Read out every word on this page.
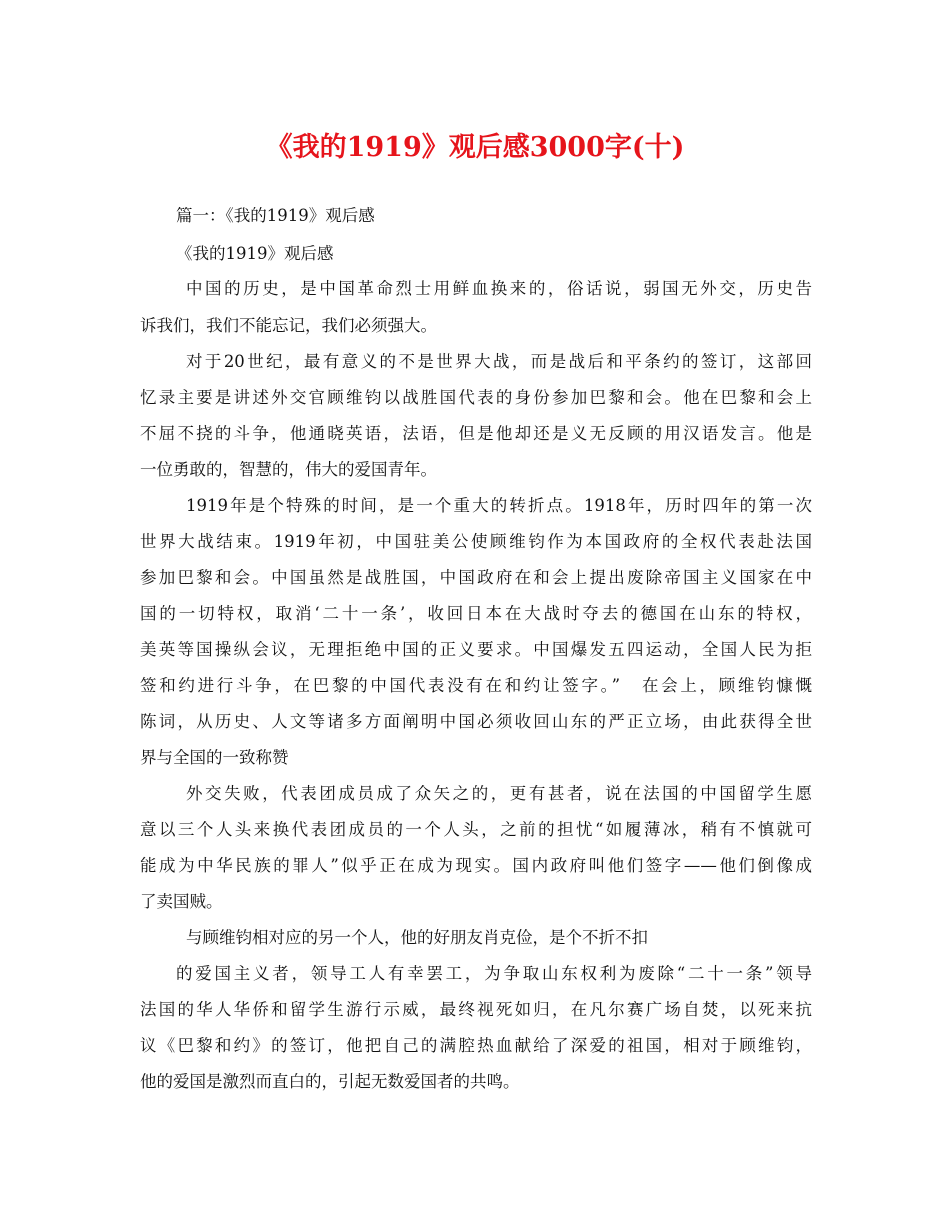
《我的1919》观后感3000字(十)

篇一：《我的1919》观后感

《我的1919》观后感

中国的历史，是中国革命烈士用鲜血换来的，俗话说，弱国无外交，历史告

诉我们，我们不能忘记，我们必须强大。

对于20世纪，最有意义的不是世界大战，而是战后和平条约的签订，这部回

忆录主要是讲述外交官顾维钧以战胜国代表的身份参加巴黎和会。他在巴黎和会上

不屈不挠的斗争，他通晓英语，法语，但是他却还是义无反顾的用汉语发言。他是

一位勇敢的，智慧的，伟大的爱国青年。

1919年是个特殊的时间，是一个重大的转折点。1918年，历时四年的第一次

世界大战结束。1919年初，中国驻美公使顾维钧作为本国政府的全权代表赴法国

参加巴黎和会。中国虽然是战胜国，中国政府在和会上提出废除帝国主义国家在中

国的一切特权，取消‘二十一条’，收回日本在大战时夺去的德国在山东的特权，

美英等国操纵会议，无理拒绝中国的正义要求。中国爆发五四运动，全国人民为拒

签和约进行斗争，在巴黎的中国代表没有在和约让签字。”　在会上，顾维钧慷慨

陈词，从历史、人文等诸多方面阐明中国必须收回山东的严正立场，由此获得全世

界与全国的一致称赞

外交失败，代表团成员成了众矢之的，更有甚者，说在法国的中国留学生愿

意以三个人头来换代表团成员的一个人头，之前的担忧“如履薄冰，稍有不慎就可

能成为中华民族的罪人”似乎正在成为现实。国内政府叫他们签字——他们倒像成

了卖国贼。

与顾维钧相对应的另一个人，他的好朋友肖克俭，是个不折不扣

的爱国主义者，领导工人有幸罢工，为争取山东权利为废除“二十一条”领导

法国的华人华侨和留学生游行示威，最终视死如归，在凡尔赛广场自焚，以死来抗

议《巴黎和约》的签订，他把自己的满腔热血献给了深爱的祖国，相对于顾维钧，

他的爱国是激烈而直白的，引起无数爱国者的共鸣。
